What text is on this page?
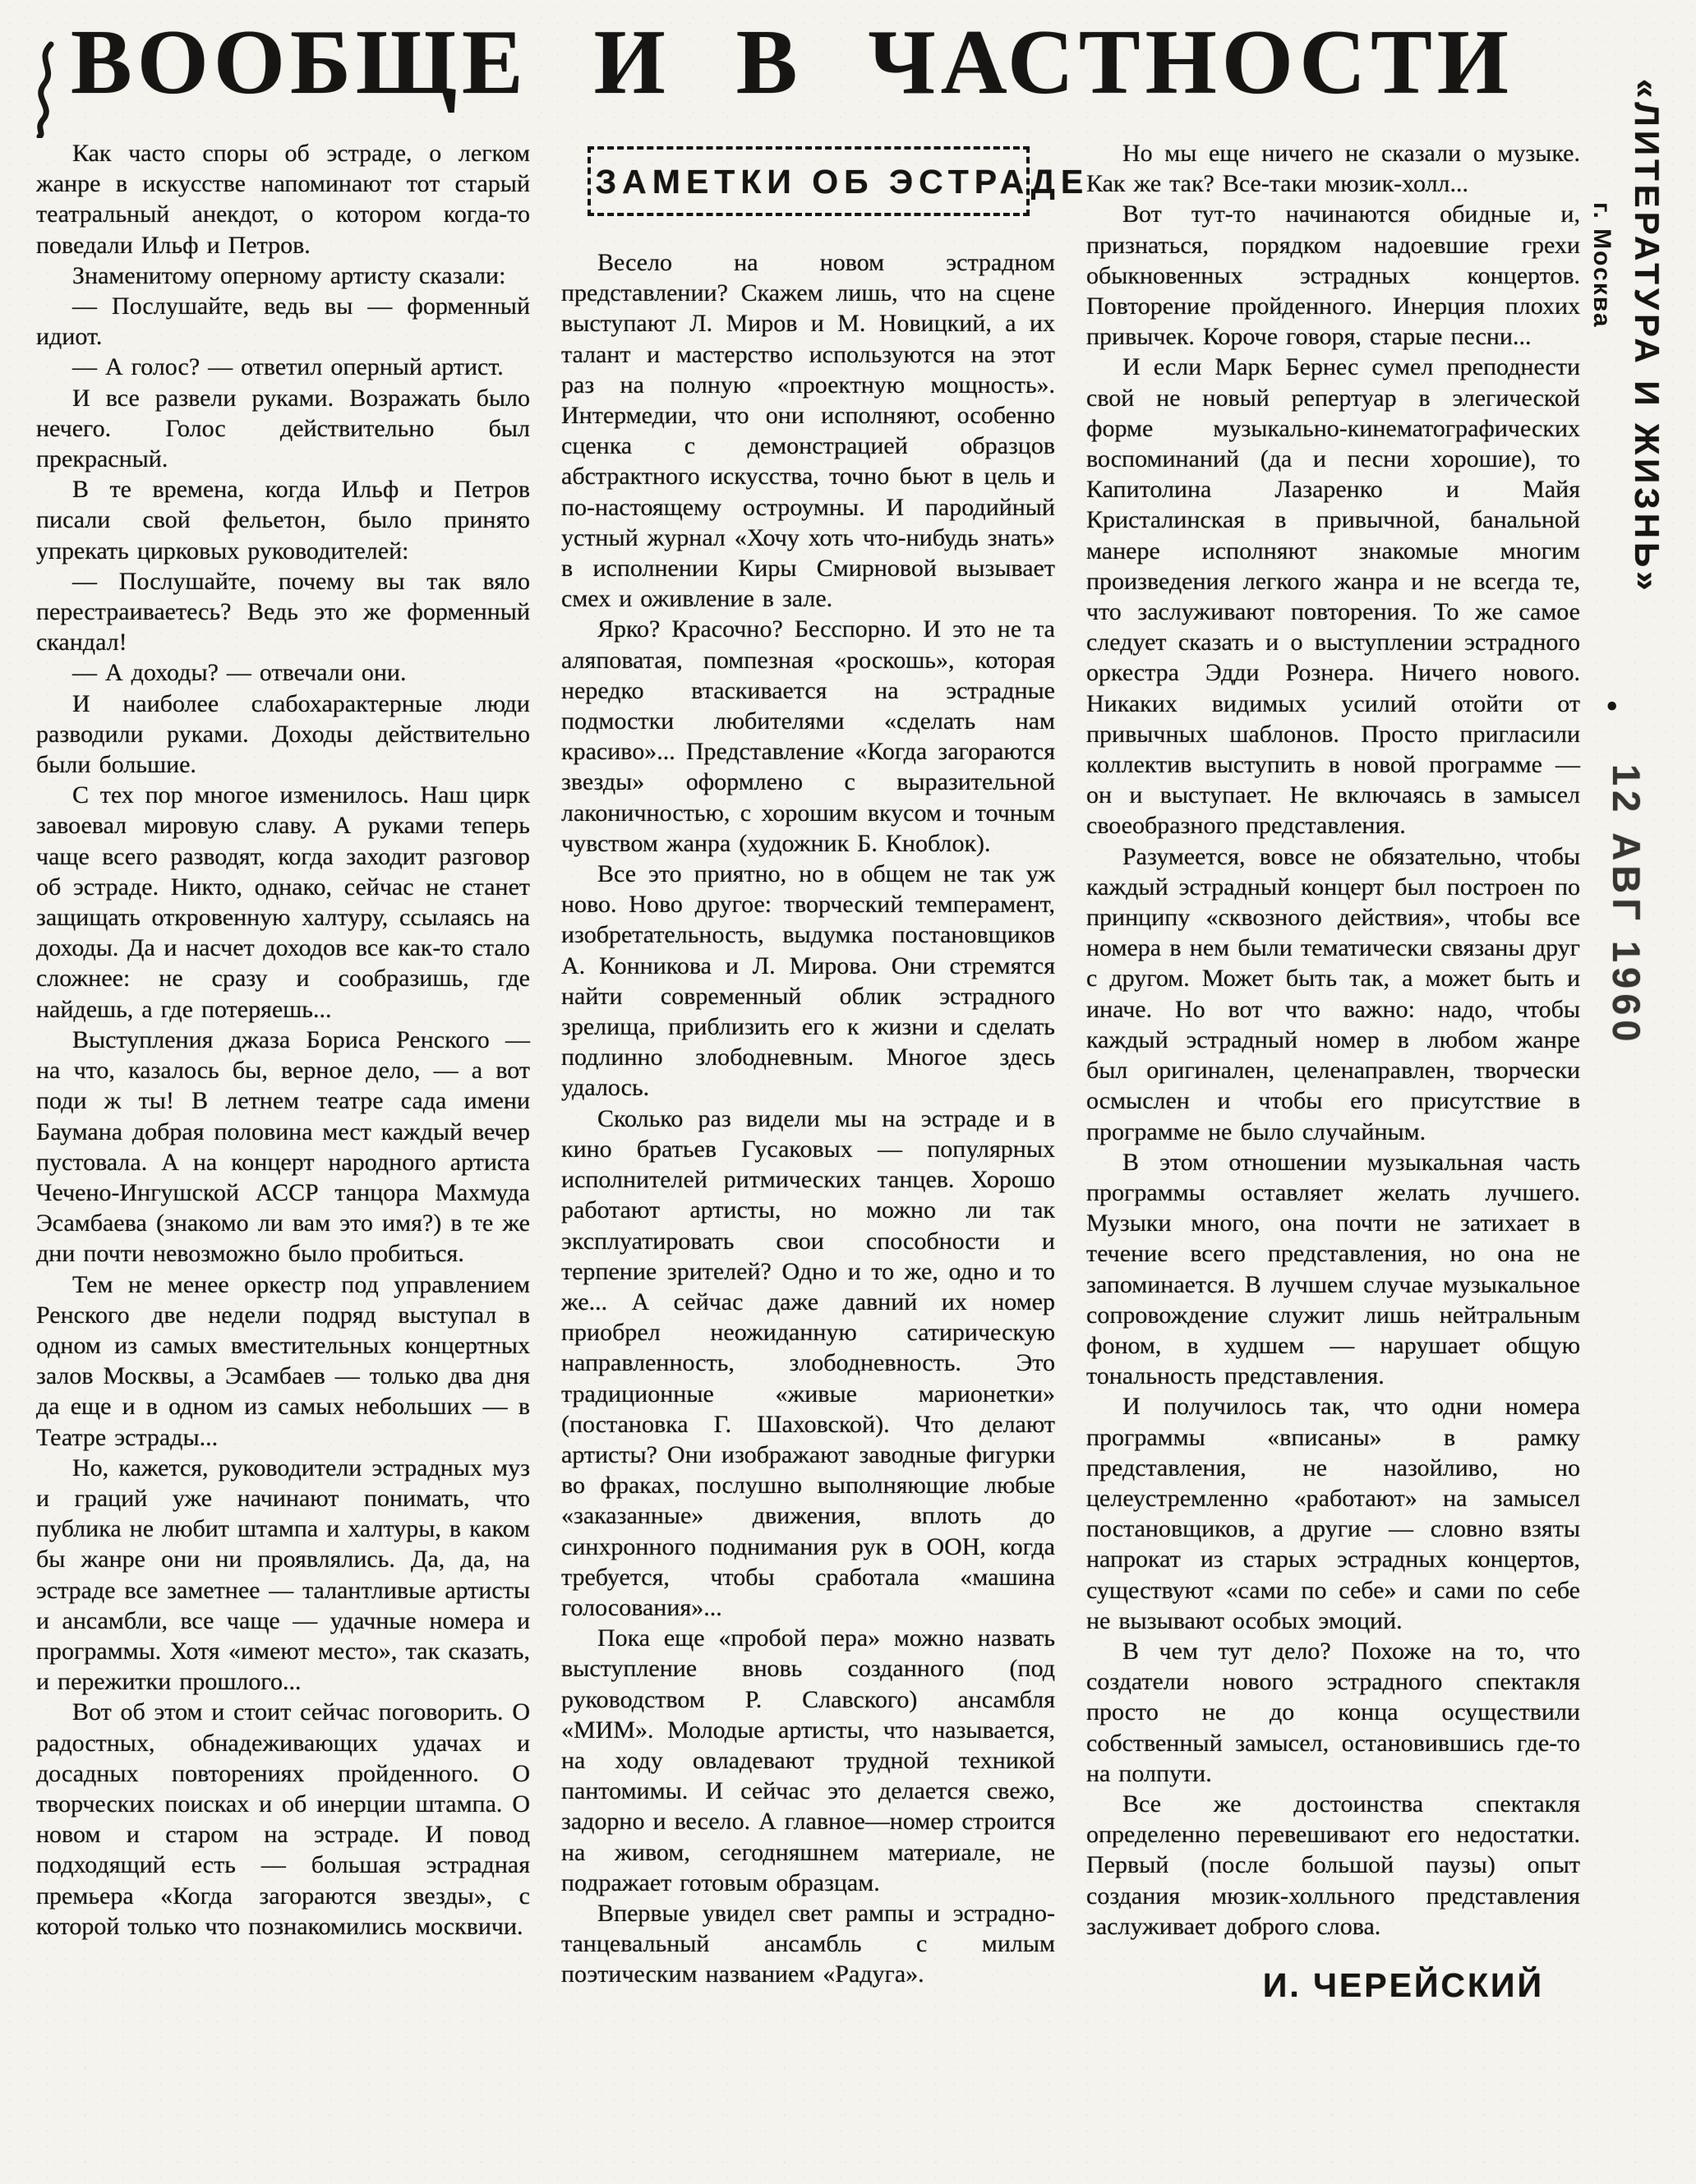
ВООБЩЕ И В ЧАСТНОСТИ

Как часто споры об эстраде, о легком жанре в искусстве напоминают тот старый театральный анекдот, о котором когда-то поведали Ильф и Петров.

Знаменитому оперному артисту сказали:

— Послушайте, ведь вы — форменный идиот.

— А голос? — ответил оперный артист.

И все развели руками. Возражать было нечего. Голос действительно был прекрасный.

В те времена, когда Ильф и Петров писали свой фельетон, было принято упрекать цирковых руководителей:

— Послушайте, почему вы так вяло перестраиваетесь? Ведь это же форменный скандал!

— А доходы? — отвечали они.

И наиболее слабохарактерные люди разводили руками. Доходы действительно были большие.

С тех пор многое изменилось. Наш цирк завоевал мировую славу. А руками теперь чаще всего разводят, когда заходит разговор об эстраде. Никто, однако, сейчас не станет защищать откровенную халтуру, ссылаясь на доходы. Да и насчет доходов все как-то стало сложнее: не сразу и сообразишь, где найдешь, а где потеряешь...

Выступления джаза Бориса Ренского — на что, казалось бы, верное дело, — а вот поди ж ты! В летнем театре сада имени Баумана добрая половина мест каждый вечер пустовала. А на концерт народного артиста Чечено-Ингушской АССР танцора Махмуда Эсамбаева (знакомо ли вам это имя?) в те же дни почти невозможно было пробиться.

Тем не менее оркестр под управлением Ренского две недели подряд выступал в одном из самых вместительных концертных залов Москвы, а Эсамбаев — только два дня да еще и в одном из самых небольших — в Театре эстрады...

Но, кажется, руководители эстрадных муз и граций уже начинают понимать, что публика не любит штампа и халтуры, в каком бы жанре они ни проявлялись. Да, да, на эстраде все заметнее — талантливые артисты и ансамбли, все чаще — удачные номера и программы. Хотя «имеют место», так сказать, и пережитки прошлого...

Вот об этом и стоит сейчас поговорить. О радостных, обнадеживающих удачах и досадных повторениях пройденного. О творческих поисках и об инерции штампа. О новом и старом на эстраде. И повод подходящий есть — большая эстрадная премьера «Когда загораются звезды», с которой только что познакомились москвичи.

ЗАМЕТКИ ОБ ЭСТРАДЕ

Весело на новом эстрадном представлении? Скажем лишь, что на сцене выступают Л. Миров и М. Новицкий, а их талант и мастерство используются на этот раз на полную «проектную мощность». Интермедии, что они исполняют, особенно сценка с демонстрацией образцов абстрактного искусства, точно бьют в цель и по-настоящему остроумны. И пародийный устный журнал «Хочу хоть что-нибудь знать» в исполнении Киры Смирновой вызывает смех и оживление в зале.

Ярко? Красочно? Бесспорно. И это не та аляповатая, помпезная «роскошь», которая нередко втаскивается на эстрадные подмостки любителями «сделать нам красиво»... Представление «Когда загораются звезды» оформлено с выразительной лаконичностью, с хорошим вкусом и точным чувством жанра (художник Б. Кноблок).

Все это приятно, но в общем не так уж ново. Ново другое: творческий темперамент, изобретательность, выдумка постановщиков А. Конникова и Л. Мирова. Они стремятся найти современный облик эстрадного зрелища, приблизить его к жизни и сделать подлинно злободневным. Многое здесь удалось.

Сколько раз видели мы на эстраде и в кино братьев Гусаковых — популярных исполнителей ритмических танцев. Хорошо работают артисты, но можно ли так эксплуатировать свои способности и терпение зрителей? Одно и то же, одно и то же... А сейчас даже давний их номер приобрел неожиданную сатирическую направленность, злободневность. Это традиционные «живые марионетки» (постановка Г. Шаховской). Что делают артисты? Они изображают заводные фигурки во фраках, послушно выполняющие любые «заказанные» движения, вплоть до синхронного поднимания рук в ООН, когда требуется, чтобы сработала «машина голосования»...

Пока еще «пробой пера» можно назвать выступление вновь созданного (под руководством Р. Славского) ансамбля «МИМ». Молодые артисты, что называется, на ходу овладевают трудной техникой пантомимы. И сейчас это делается свежо, задорно и весело. А главное—номер строится на живом, сегодняшнем материале, не подражает готовым образцам.

Впервые увидел свет рампы и эстрадно-танцевальный ансамбль с милым поэтическим названием «Радуга».

Но мы еще ничего не сказали о музыке. Как же так? Все-таки мюзик-холл...

Вот тут-то начинаются обидные и, признаться, порядком надоевшие грехи обыкновенных эстрадных концертов. Повторение пройденного. Инерция плохих привычек. Короче говоря, старые песни...

И если Марк Бернес сумел преподнести свой не новый репертуар в элегической форме музыкально-кинематографических воспоминаний (да и песни хорошие), то Капитолина Лазаренко и Майя Кристалинская в привычной, банальной манере исполняют знакомые многим произведения легкого жанра и не всегда те, что заслуживают повторения. То же самое следует сказать и о выступлении эстрадного оркестра Эдди Рознера. Ничего нового. Никаких видимых усилий отойти от привычных шаблонов. Просто пригласили коллектив выступить в новой программе — он и выступает. Не включаясь в замысел своеобразного представления.

Разумеется, вовсе не обязательно, чтобы каждый эстрадный концерт был построен по принципу «сквозного действия», чтобы все номера в нем были тематически связаны друг с другом. Может быть так, а может быть и иначе. Но вот что важно: надо, чтобы каждый эстрадный номер в любом жанре был оригинален, целенаправлен, творчески осмыслен и чтобы его присутствие в программе не было случайным.

В этом отношении музыкальная часть программы оставляет желать лучшего. Музыки много, она почти не затихает в течение всего представления, но она не запоминается. В лучшем случае музыкальное сопровождение служит лишь нейтральным фоном, в худшем — нарушает общую тональность представления.

И получилось так, что одни номера программы «вписаны» в рамку представления, не назойливо, но целеустремленно «работают» на замысел постановщиков, а другие — словно взяты напрокат из старых эстрадных концертов, существуют «сами по себе» и сами по себе не вызывают особых эмоций.

В чем тут дело? Похоже на то, что создатели нового эстрадного спектакля просто не до конца осуществили собственный замысел, остановившись где-то на полпути.

Все же достоинства спектакля определенно перевешивают его недостатки. Первый (после большой паузы) опыт создания мюзик-холльного представления заслуживает доброго слова.

И. ЧЕРЕЙСКИЙ
«ЛИТЕРАТУРА И ЖИЗНЬ»
г. Москва
•
12 АВГ 1960
